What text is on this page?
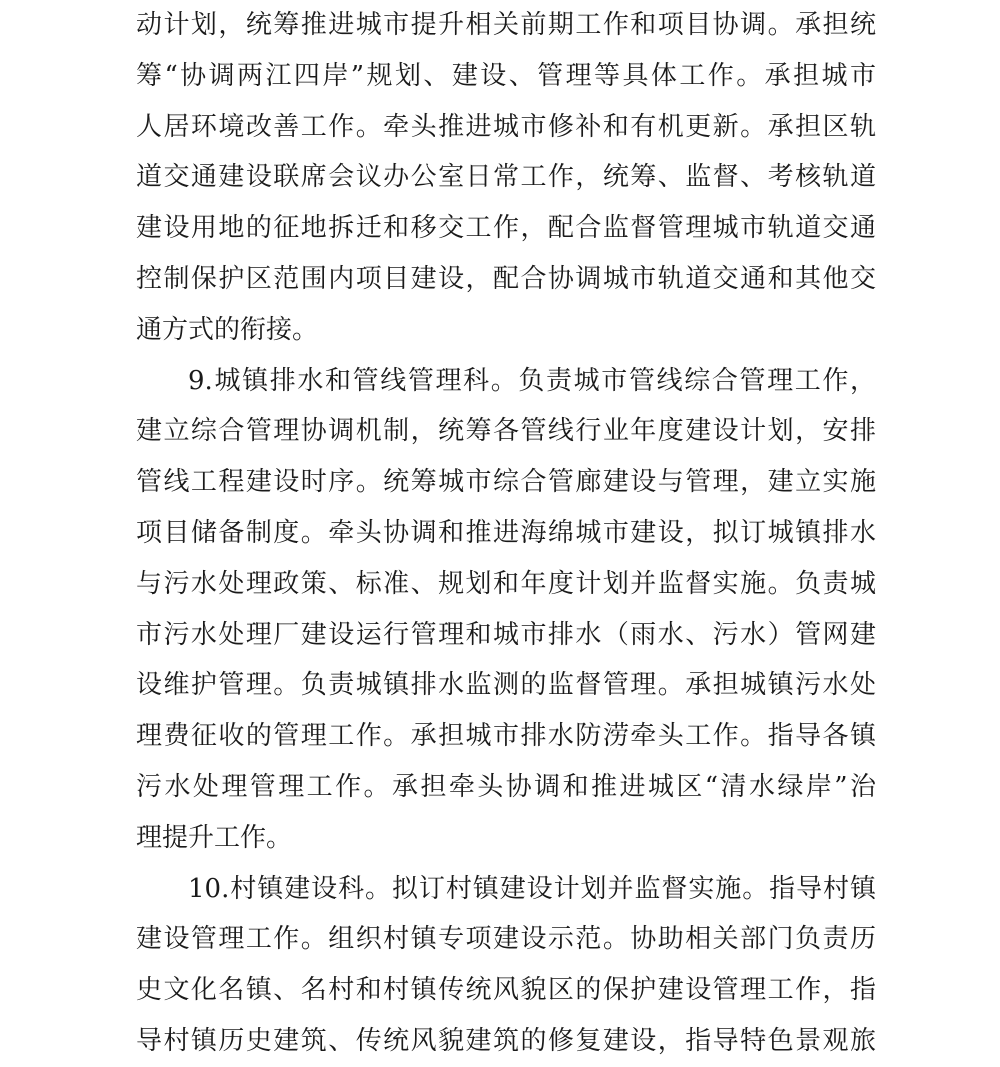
动计划，统筹推进城市提升相关前期工作和项目协调。承担统
筹“协调两江四岸”规划、建设、管理等具体工作。承担城市
人居环境改善工作。牵头推进城市修补和有机更新。承担区轨
道交通建设联席会议办公室日常工作，统筹、监督、考核轨道
建设用地的征地拆迁和移交工作，配合监督管理城市轨道交通
控制保护区范围内项目建设，配合协调城市轨道交通和其他交
通方式的衔接。
9.城镇排水和管线管理科。负责城市管线综合管理工作，
建立综合管理协调机制，统筹各管线行业年度建设计划，安排
管线工程建设时序。统筹城市综合管廊建设与管理，建立实施
项目储备制度。牵头协调和推进海绵城市建设，拟订城镇排水
与污水处理政策、标准、规划和年度计划并监督实施。负责城
市污水处理厂建设运行管理和城市排水（雨水、污水）管网建
设维护管理。负责城镇排水监测的监督管理。承担城镇污水处
理费征收的管理工作。承担城市排水防涝牵头工作。指导各镇
污水处理管理工作。承担牵头协调和推进城区“清水绿岸”治
理提升工作。
10.村镇建设科。拟订村镇建设计划并监督实施。指导村镇
建设管理工作。组织村镇专项建设示范。协助相关部门负责历
史文化名镇、名村和村镇传统风貌区的保护建设管理工作，指
导村镇历史建筑、传统风貌建筑的修复建设，指导特色景观旅
